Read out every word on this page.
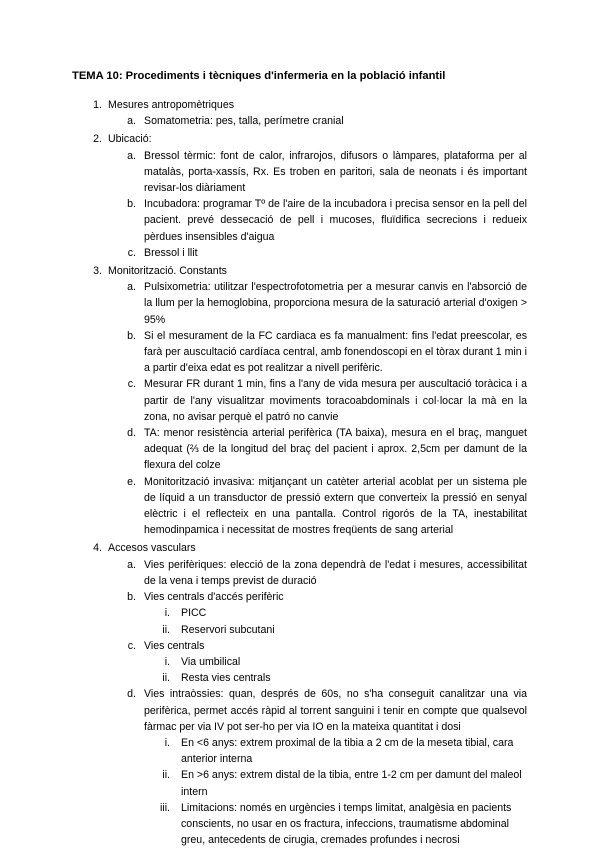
TEMA 10: Procediments i tècniques d'infermeria en la població infantil
1. Mesures antropomètriques
a. Somatometria: pes, talla, perímetre cranial
2. Ubicació:
a. Bressol tèrmic: font de calor, infrarojos, difusors o làmpares, plataforma per al matalàs, porta-xassís, Rx. Es troben en paritori, sala de neonats i és important revisar-los diàriament
b. Incubadora: programar Tº de l'aire de la incubadora i precisa sensor en la pell del pacient. prevé dessecació de pell i mucoses, fluïdifica secrecions i redueix pèrdues insensibles d'aigua
c. Bressol i llit
3. Monitorització. Constants
a. Pulsixometria: utilitzar l'espectrofotometria per a mesurar canvis en l'absorció de la llum per la hemoglobina, proporciona mesura de la saturació arterial d'oxigen > 95%
b. Si el mesurament de la FC cardiaca es fa manualment: fins l'edat preescolar, es farà per auscultació cardíaca central, amb fonendoscopi en el tòrax durant 1 min i a partir d'eixa edat es pot realitzar a nivell perifèric.
c. Mesurar FR durant 1 min, fins a l'any de vida mesura per auscultació toràcica i a partir de l'any visualitzar moviments toracoabdominals i col·locar la mà en la zona, no avisar perquè el patró no canvie
d. TA: menor resistència arterial perifèrica (TA baixa), mesura en el braç, manguet adequat (⅔ de la longitud del braç del pacient i aprox. 2,5cm per damunt de la flexura del colze
e. Monitorització invasiva: mitjançant un catèter arterial acoblat per un sistema ple de líquid a un transductor de pressió extern que converteix la pressió en senyal elèctric i el reflecteix en una pantalla. Control rigorós de la TA, inestabilitat hemodinpamica i necessitat de mostres freqüents de sang arterial
4. Accesos vasculars
a. Vies perifèriques: elecció de la zona dependrà de l'edat i mesures, accessibilitat de la vena i temps previst de duració
b. Vies centrals d'accés perifèric
i. PICC
ii. Reservori subcutani
c. Vies centrals
i. Via umbilical
ii. Resta vies centrals
d. Vies intraòssies: quan, després de 60s, no s'ha conseguit canalitzar una via perifèrica, permet accés ràpid al torrent sanguini i tenir en compte que qualsevol fàrmac per via IV pot ser-ho per via IO en la mateixa quantitat i dosi
i. En <6 anys: extrem proximal de la tibia a 2 cm de la meseta tibial, cara anterior interna
ii. En >6 anys: extrem distal de la tibia, entre 1-2 cm per damunt del maleol intern
iii. Limitacions: només en urgències i temps limitat, analgèsia en pacients conscients, no usar en os fractura, infeccions, traumatisme abdominal greu, antecedents de cirugia, cremades profundes i necrosi
